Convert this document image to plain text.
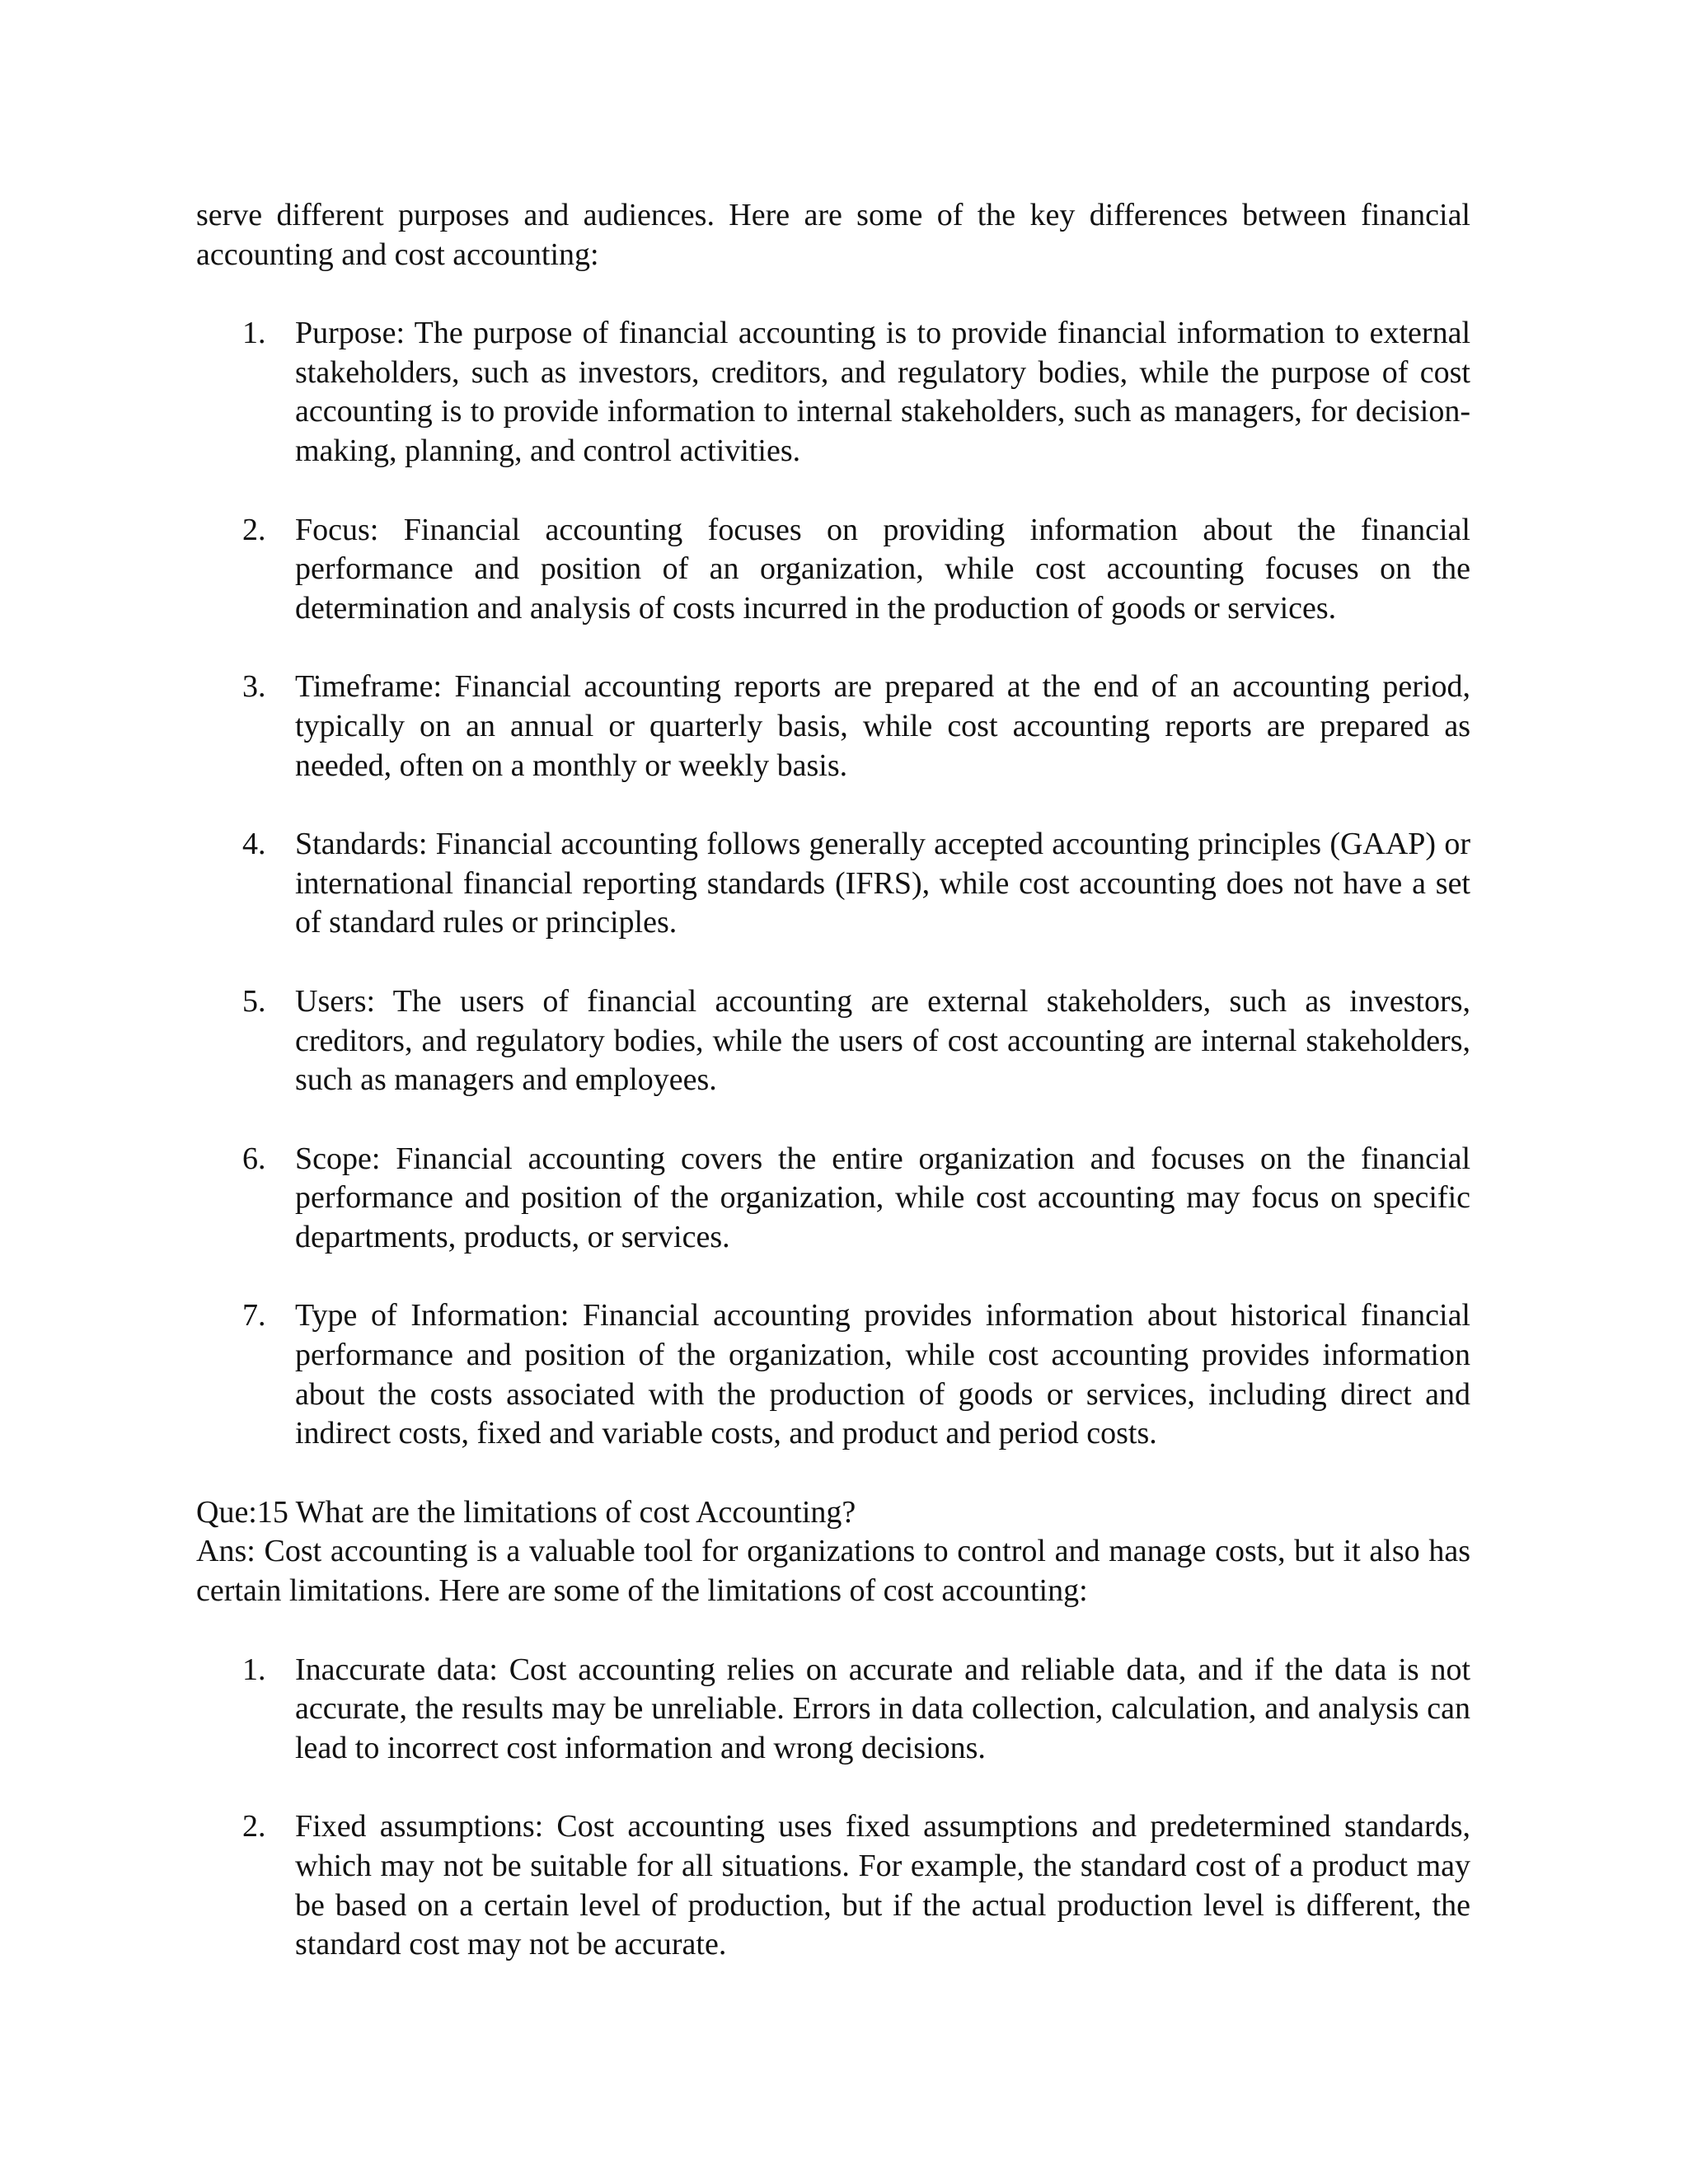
serve different purposes and audiences. Here are some of the key differences between financial accounting and cost accounting:

1. Purpose: The purpose of financial accounting is to provide financial information to external stakeholders, such as investors, creditors, and regulatory bodies, while the purpose of cost accounting is to provide information to internal stakeholders, such as managers, for decision-making, planning, and control activities.
2. Focus: Financial accounting focuses on providing information about the financial performance and position of an organization, while cost accounting focuses on the determination and analysis of costs incurred in the production of goods or services.
3. Timeframe: Financial accounting reports are prepared at the end of an accounting period, typically on an annual or quarterly basis, while cost accounting reports are prepared as needed, often on a monthly or weekly basis.
4. Standards: Financial accounting follows generally accepted accounting principles (GAAP) or international financial reporting standards (IFRS), while cost accounting does not have a set of standard rules or principles.
5. Users: The users of financial accounting are external stakeholders, such as investors, creditors, and regulatory bodies, while the users of cost accounting are internal stakeholders, such as managers and employees.
6. Scope: Financial accounting covers the entire organization and focuses on the financial performance and position of the organization, while cost accounting may focus on specific departments, products, or services.
7. Type of Information: Financial accounting provides information about historical financial performance and position of the organization, while cost accounting provides information about the costs associated with the production of goods or services, including direct and indirect costs, fixed and variable costs, and product and period costs.

Que:15 What are the limitations of cost Accounting?

Ans: Cost accounting is a valuable tool for organizations to control and manage costs, but it also has certain limitations. Here are some of the limitations of cost accounting:

1. Inaccurate data: Cost accounting relies on accurate and reliable data, and if the data is not accurate, the results may be unreliable. Errors in data collection, calculation, and analysis can lead to incorrect cost information and wrong decisions.
2. Fixed assumptions: Cost accounting uses fixed assumptions and predetermined standards, which may not be suitable for all situations. For example, the standard cost of a product may be based on a certain level of production, but if the actual production level is different, the standard cost may not be accurate.
